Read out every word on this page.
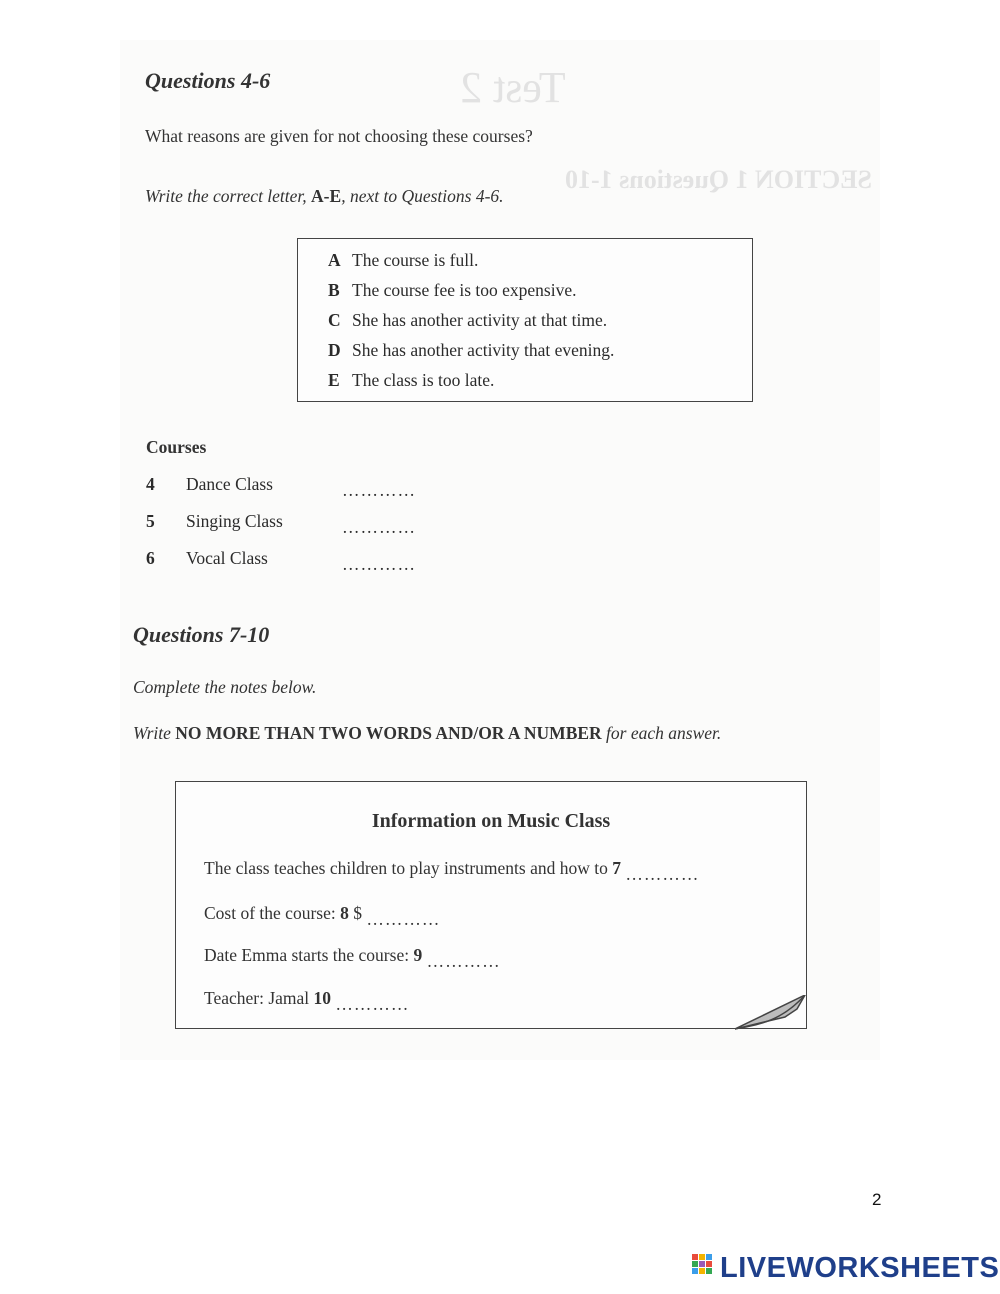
Test 2
SECTION 1 Questions 1-10
Questions 4-6
What reasons are given for not choosing these courses?
Write the correct letter, A-E, next to Questions 4-6.
A The course is full.
B The course fee is too expensive.
C She has another activity at that time.
D She has another activity that evening.
E The class is too late.
Courses
4 Dance Class	…………
5 Singing Class	…………
6 Vocal Class	…………
Questions 7-10
Complete the notes below.
Write NO MORE THAN TWO WORDS AND/OR A NUMBER for each answer.
Information on Music Class
The class teaches children to play instruments and how to 7 …………
Cost of the course: 8 $ …………
Date Emma starts the course: 9 …………
Teacher: Jamal 10 …………
2
LIVEWORKSHEETS
